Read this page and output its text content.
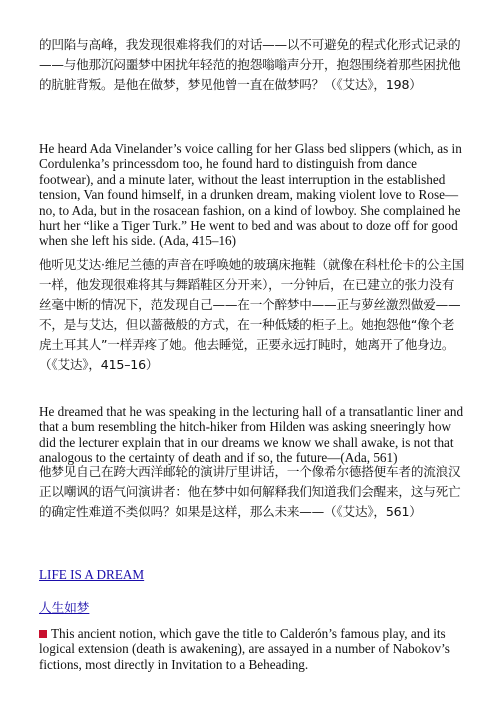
的凹陷与高峰，我发现很难将我们的对话——以不可避免的程式化形式记录的——与他那沉闷噩梦中困扰年轻范的抱怨嗡嗡声分开，抱怨围绕着那些困扰他的肮脏背叛。是他在做梦，梦见他曾一直在做梦吗？（《艾达》，198）

He heard Ada Vinelander’s voice calling for her Glass bed slippers (which, as in Cordulenka’s princessdom too, he found hard to distinguish from dance footwear), and a minute later, without the least interruption in the established tension, Van found himself, in a drunken dream, making violent love to Rose—no, to Ada, but in the rosacean fashion, on a kind of lowboy. She complained he hurt her “like a Tiger Turk.” He went to bed and was about to doze off for good when she left his side. (Ada, 415–16)

他听见艾达·维尼兰德的声音在呼唤她的玻璃床拖鞋（就像在科杜伦卡的公主国一样，他发现很难将其与舞蹈鞋区分开来），一分钟后，在已建立的张力没有丝毫中断的情况下，范发现自己——在一个醉梦中——正与萝丝激烈做爱——不，是与艾达，但以蔷薇般的方式，在一种低矮的柜子上。她抱怨他“像个老虎土耳其人”一样弄疼了她。他去睡觉，正要永远打盹时，她离开了他身边。（《艾达》，415–16）

He dreamed that he was speaking in the lecturing hall of a transatlantic liner and that a bum resembling the hitch-hiker from Hilden was asking sneeringly how did the lecturer explain that in our dreams we know we shall awake, is not that analogous to the certainty of death and if so, the future—(Ada, 561)

他梦见自己在跨大西洋邮轮的演讲厅里讲话，一个像希尔德搭便车者的流浪汉正以嘲讽的语气问演讲者：他在梦中如何解释我们知道我们会醒来，这与死亡的确定性难道不类似吗？如果是这样，那么未来——（《艾达》，561）

LIFE IS A DREAM
人生如梦

This ancient notion, which gave the title to Calderón’s famous play, and its logical extension (death is awakening), are assayed in a number of Nabokov’s fictions, most directly in Invitation to a Beheading.
